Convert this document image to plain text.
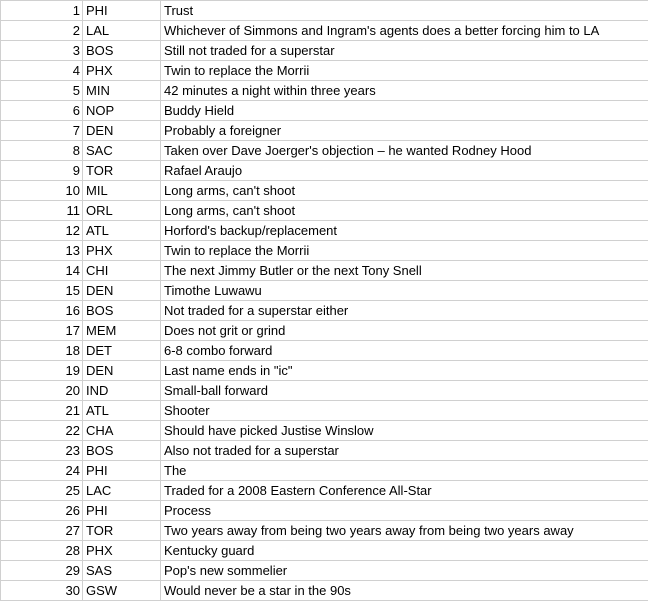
1	PHI	Trust
2	LAL	Whichever of Simmons and Ingram's agents does a better forcing him to LA
3	BOS	Still not traded for a superstar
4	PHX	Twin to replace the Morrii
5	MIN	42 minutes a night within three years
6	NOP	Buddy Hield
7	DEN	Probably a foreigner
8	SAC	Taken over Dave Joerger's objection – he wanted Rodney Hood
9	TOR	Rafael Araujo
10	MIL	Long arms, can't shoot
11	ORL	Long arms, can't shoot
12	ATL	Horford's backup/replacement
13	PHX	Twin to replace the Morrii
14	CHI	The next Jimmy Butler or the next Tony Snell
15	DEN	Timothe Luwawu
16	BOS	Not traded for a superstar either
17	MEM	Does not grit or grind
18	DET	6-8 combo forward
19	DEN	Last name ends in "ic"
20	IND	Small-ball forward
21	ATL	Shooter
22	CHA	Should have picked Justise Winslow
23	BOS	Also not traded for a superstar
24	PHI	The
25	LAC	Traded for a 2008 Eastern Conference All-Star
26	PHI	Process
27	TOR	Two years away from being two years away from being two years away
28	PHX	Kentucky guard
29	SAS	Pop's new sommelier
30	GSW	Would never be a star in the 90s
